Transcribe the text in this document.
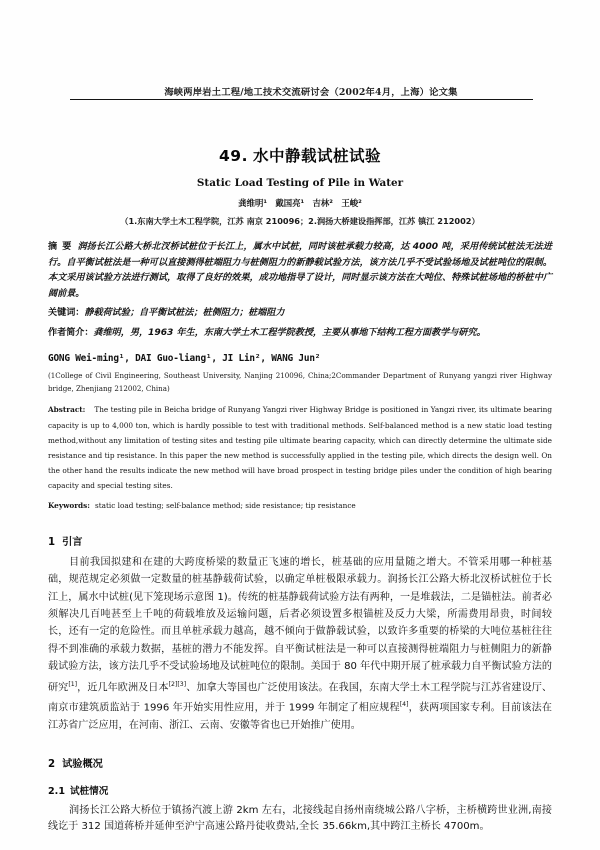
海峡两岸岩土工程/地工技术交流研讨会（2002年4月，上海）论文集
49. 水中静载试桩试验
Static Load Testing of Pile in Water
龚维明¹　戴国亮¹　吉林²　王峻²
（1.东南大学土木工程学院，江苏 南京 210096；2.润扬大桥建设指挥部，江苏 镇江 212002）
摘要润扬长江公路大桥北汊桥试桩位于长江上，属水中试桩，同时该桩承载力较高，达 4000 吨，采用传统试桩法无法进行。自平衡试桩法是一种可以直接测得桩端阻力与桩侧阻力的新静载试验方法，该方法几乎不受试验场地及试桩吨位的限制。本文采用该试验方法进行测试，取得了良好的效果，成功地指导了设计，同时显示该方法在大吨位、特殊试桩场地的桥桩中广阔前景。
关键词：静载荷试验；自平衡试桩法；桩侧阻力；桩端阻力
作者简介：龚维明，男，1963 年生，东南大学土木工程学院教授，主要从事地下结构工程方面教学与研究。
GONG Wei-ming¹, DAI Guo-liang¹, JI Lin², WANG Jun²
(1College of Civil Engineering, Southeast University, Nanjing 210096, China;2Commander Department of Runyang yangzi river Highway bridge, Zhenjiang 212002, China)
Abstract: The testing pile in Beicha bridge of Runyang Yangzi river Highway Bridge is positioned in Yangzi river, its ultimate bearing capacity is up to 4,000 ton, which is hardly possible to test with traditional methods. Self-balanced method is a new static load testing method,without any limitation of testing sites and testing pile ultimate bearing capacity, which can directly determine the ultimate side resistance and tip resistance. In this paper the new method is successfully applied in the testing pile, which directs the design well. On the other hand the results indicate the new method will have broad prospect in testing bridge piles under the condition of high bearing capacity and special testing sites.
Keywords: static load testing; self-balance method; side resistance; tip resistance
1 引言
目前我国拟建和在建的大跨度桥梁的数量正飞速的增长，桩基础的应用量随之增大。不管采用哪一种桩基础，规范规定必须做一定数量的桩基静载荷试验，以确定单桩极限承载力。润扬长江公路大桥北汊桥试桩位于长江上，属水中试桩(见下笼现场示意图 1)。传统的桩基静载荷试验方法有两种，一是堆载法，二是锚桩法。前者必须解决几百吨甚至上千吨的荷载堆放及运输问题，后者必须设置多根锚桩及反力大梁，所需费用昂贵，时间较长，还有一定的危险性。而且单桩承载力越高，越不倾向于做静载试验，以致许多重要的桥梁的大吨位基桩往往得不到准确的承载力数据，基桩的潜力不能发挥。自平衡试桩法是一种可以直接测得桩端阻力与桩侧阻力的新静载试验方法，该方法几乎不受试验场地及试桩吨位的限制。美国于 80 年代中期开展了桩承载力自平衡试验方法的研究[1]，近几年欧洲及日本[2][3]、加拿大等国也广泛使用该法。在我国，东南大学土木工程学院与江苏省建设厅、南京市建筑质监站于 1996 年开始实用性应用，并于 1999 年制定了相应规程[4]，获两项国家专利。目前该法在江苏省广泛应用，在河南、浙江、云南、安徽等省也已开始推广使用。
2 试验概况
2.1 试桩情况
润扬长江公路大桥位于镇扬汽渡上游 2km 左右，北接线起自扬州南绕城公路八字桥，主桥横跨世业洲,南接线讫于 312 国道蒋桥并延伸至沪宁高速公路丹徒收费站,全长 35.66km,其中跨江主桥长 4700m。
